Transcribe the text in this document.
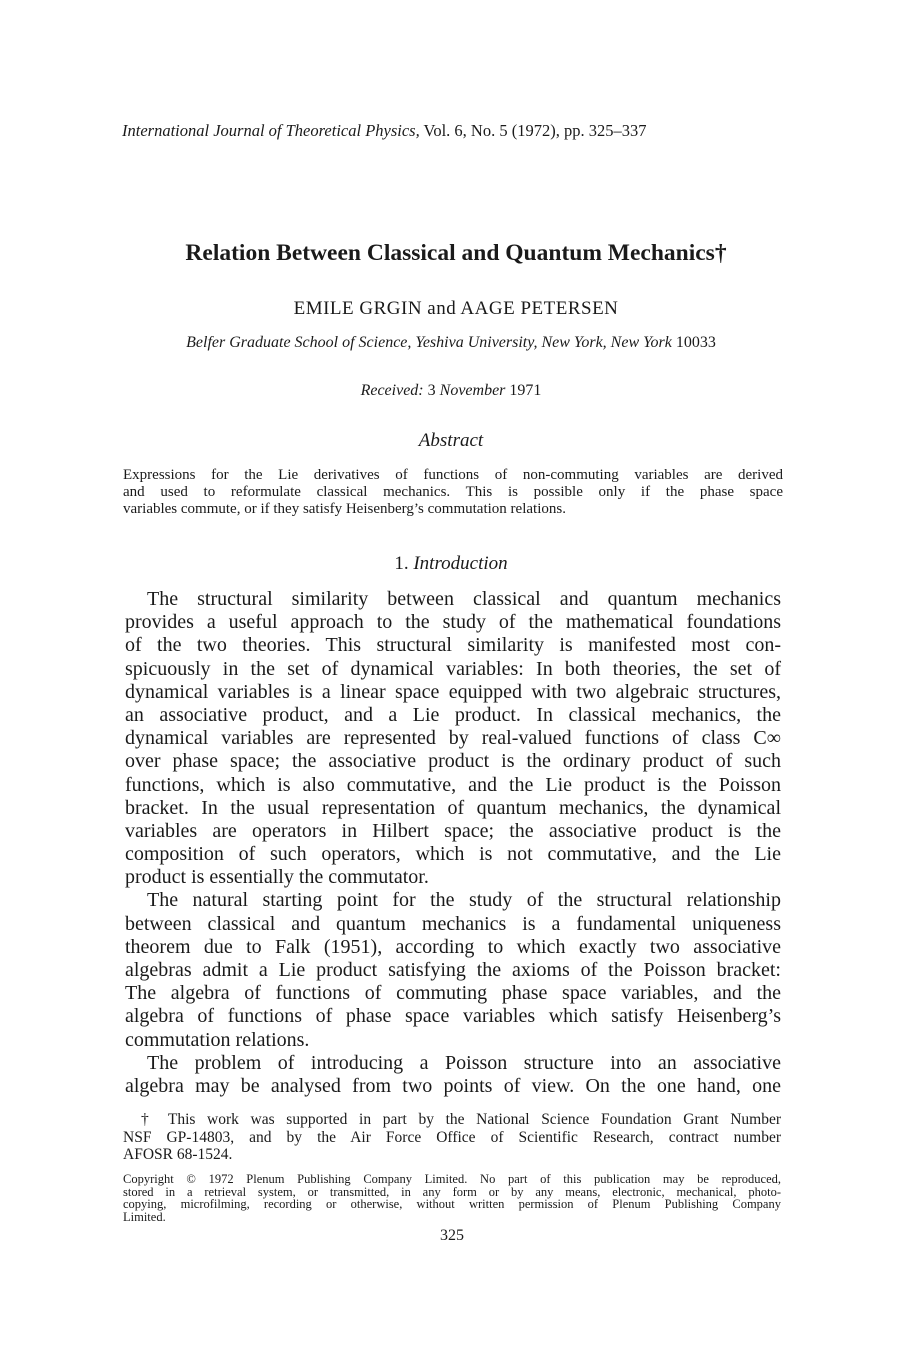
International Journal of Theoretical Physics, Vol. 6, No. 5 (1972), pp. 325–337
Relation Between Classical and Quantum Mechanics†
EMILE GRGIN and AAGE PETERSEN
Belfer Graduate School of Science, Yeshiva University, New York, New York 10033
Received: 3 November 1971
Abstract
Expressions for the Lie derivatives of functions of non-commuting variables are derived
and used to reformulate classical mechanics. This is possible only if the phase space
variables commute, or if they satisfy Heisenberg’s commutation relations.
1. Introduction
The structural similarity between classical and quantum mechanics
provides a useful approach to the study of the mathematical foundations
of the two theories. This structural similarity is manifested most con-
spicuously in the set of dynamical variables: In both theories, the set of
dynamical variables is a linear space equipped with two algebraic structures,
an associative product, and a Lie product. In classical mechanics, the
dynamical variables are represented by real-valued functions of class C∞
over phase space; the associative product is the ordinary product of such
functions, which is also commutative, and the Lie product is the Poisson
bracket. In the usual representation of quantum mechanics, the dynamical
variables are operators in Hilbert space; the associative product is the
composition of such operators, which is not commutative, and the Lie
product is essentially the commutator.
The natural starting point for the study of the structural relationship
between classical and quantum mechanics is a fundamental uniqueness
theorem due to Falk (1951), according to which exactly two associative
algebras admit a Lie product satisfying the axioms of the Poisson bracket:
The algebra of functions of commuting phase space variables, and the
algebra of functions of phase space variables which satisfy Heisenberg’s
commutation relations.
The problem of introducing a Poisson structure into an associative
algebra may be analysed from two points of view. On the one hand, one
† This work was supported in part by the National Science Foundation Grant Number
NSF GP-14803, and by the Air Force Office of Scientific Research, contract number
AFOSR 68-1524.
Copyright © 1972 Plenum Publishing Company Limited. No part of this publication may be reproduced,
stored in a retrieval system, or transmitted, in any form or by any means, electronic, mechanical, photo-
copying, microfilming, recording or otherwise, without written permission of Plenum Publishing Company
Limited.
325
